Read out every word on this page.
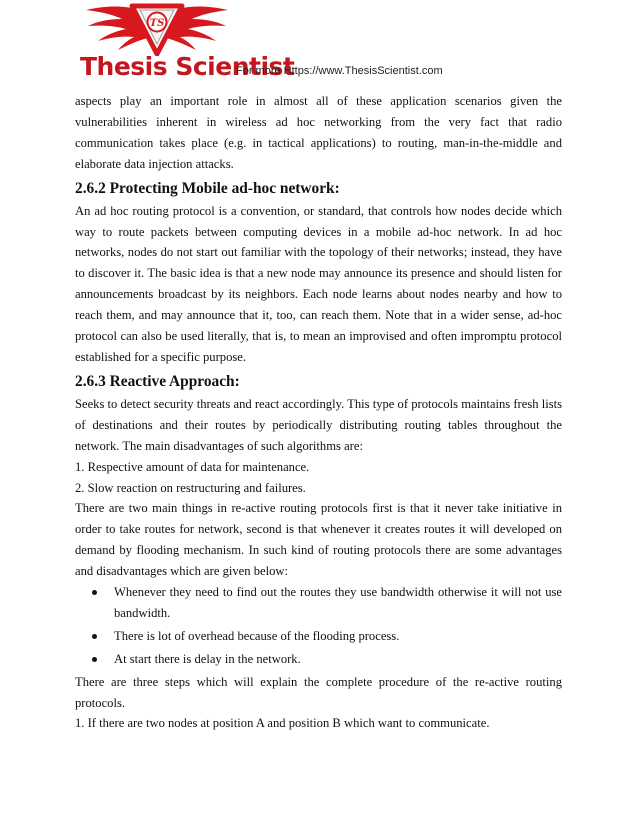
TS
Thesis Scientist
For more Https://www.ThesisScientist.com

aspects play an important role in almost all of these application scenarios given the vulnerabilities inherent in wireless ad hoc networking from the very fact that radio communication takes place (e.g. in tactical applications) to routing, man-in-the-middle and elaborate data injection attacks.

2.6.2 Protecting Mobile ad-hoc network:

An ad hoc routing protocol is a convention, or standard, that controls how nodes decide which way to route packets between computing devices in a mobile ad-hoc network. In ad hoc networks, nodes do not start out familiar with the topology of their networks; instead, they have to discover it. The basic idea is that a new node may announce its presence and should listen for announcements broadcast by its neighbors. Each node learns about nodes nearby and how to reach them, and may announce that it, too, can reach them. Note that in a wider sense, ad-hoc protocol can also be used literally, that is, to mean an improvised and often impromptu protocol established for a specific purpose.

2.6.3 Reactive Approach:

Seeks to detect security threats and react accordingly. This type of protocols maintains fresh lists of destinations and their routes by periodically distributing routing tables throughout the network. The main disadvantages of such algorithms are:

1. Respective amount of data for maintenance.
2. Slow reaction on restructuring and failures.

There are two main things in re-active routing protocols first is that it never take initiative in order to take routes for network, second is that whenever it creates routes it will developed on demand by flooding mechanism. In such kind of routing protocols there are some advantages and disadvantages which are given below:

Whenever they need to find out the routes they use bandwidth otherwise it will not use bandwidth.
There is lot of overhead because of the flooding process.
At start there is delay in the network.

There are three steps which will explain the complete procedure of the re-active routing protocols.

1. If there are two nodes at position A and position B which want to communicate.
